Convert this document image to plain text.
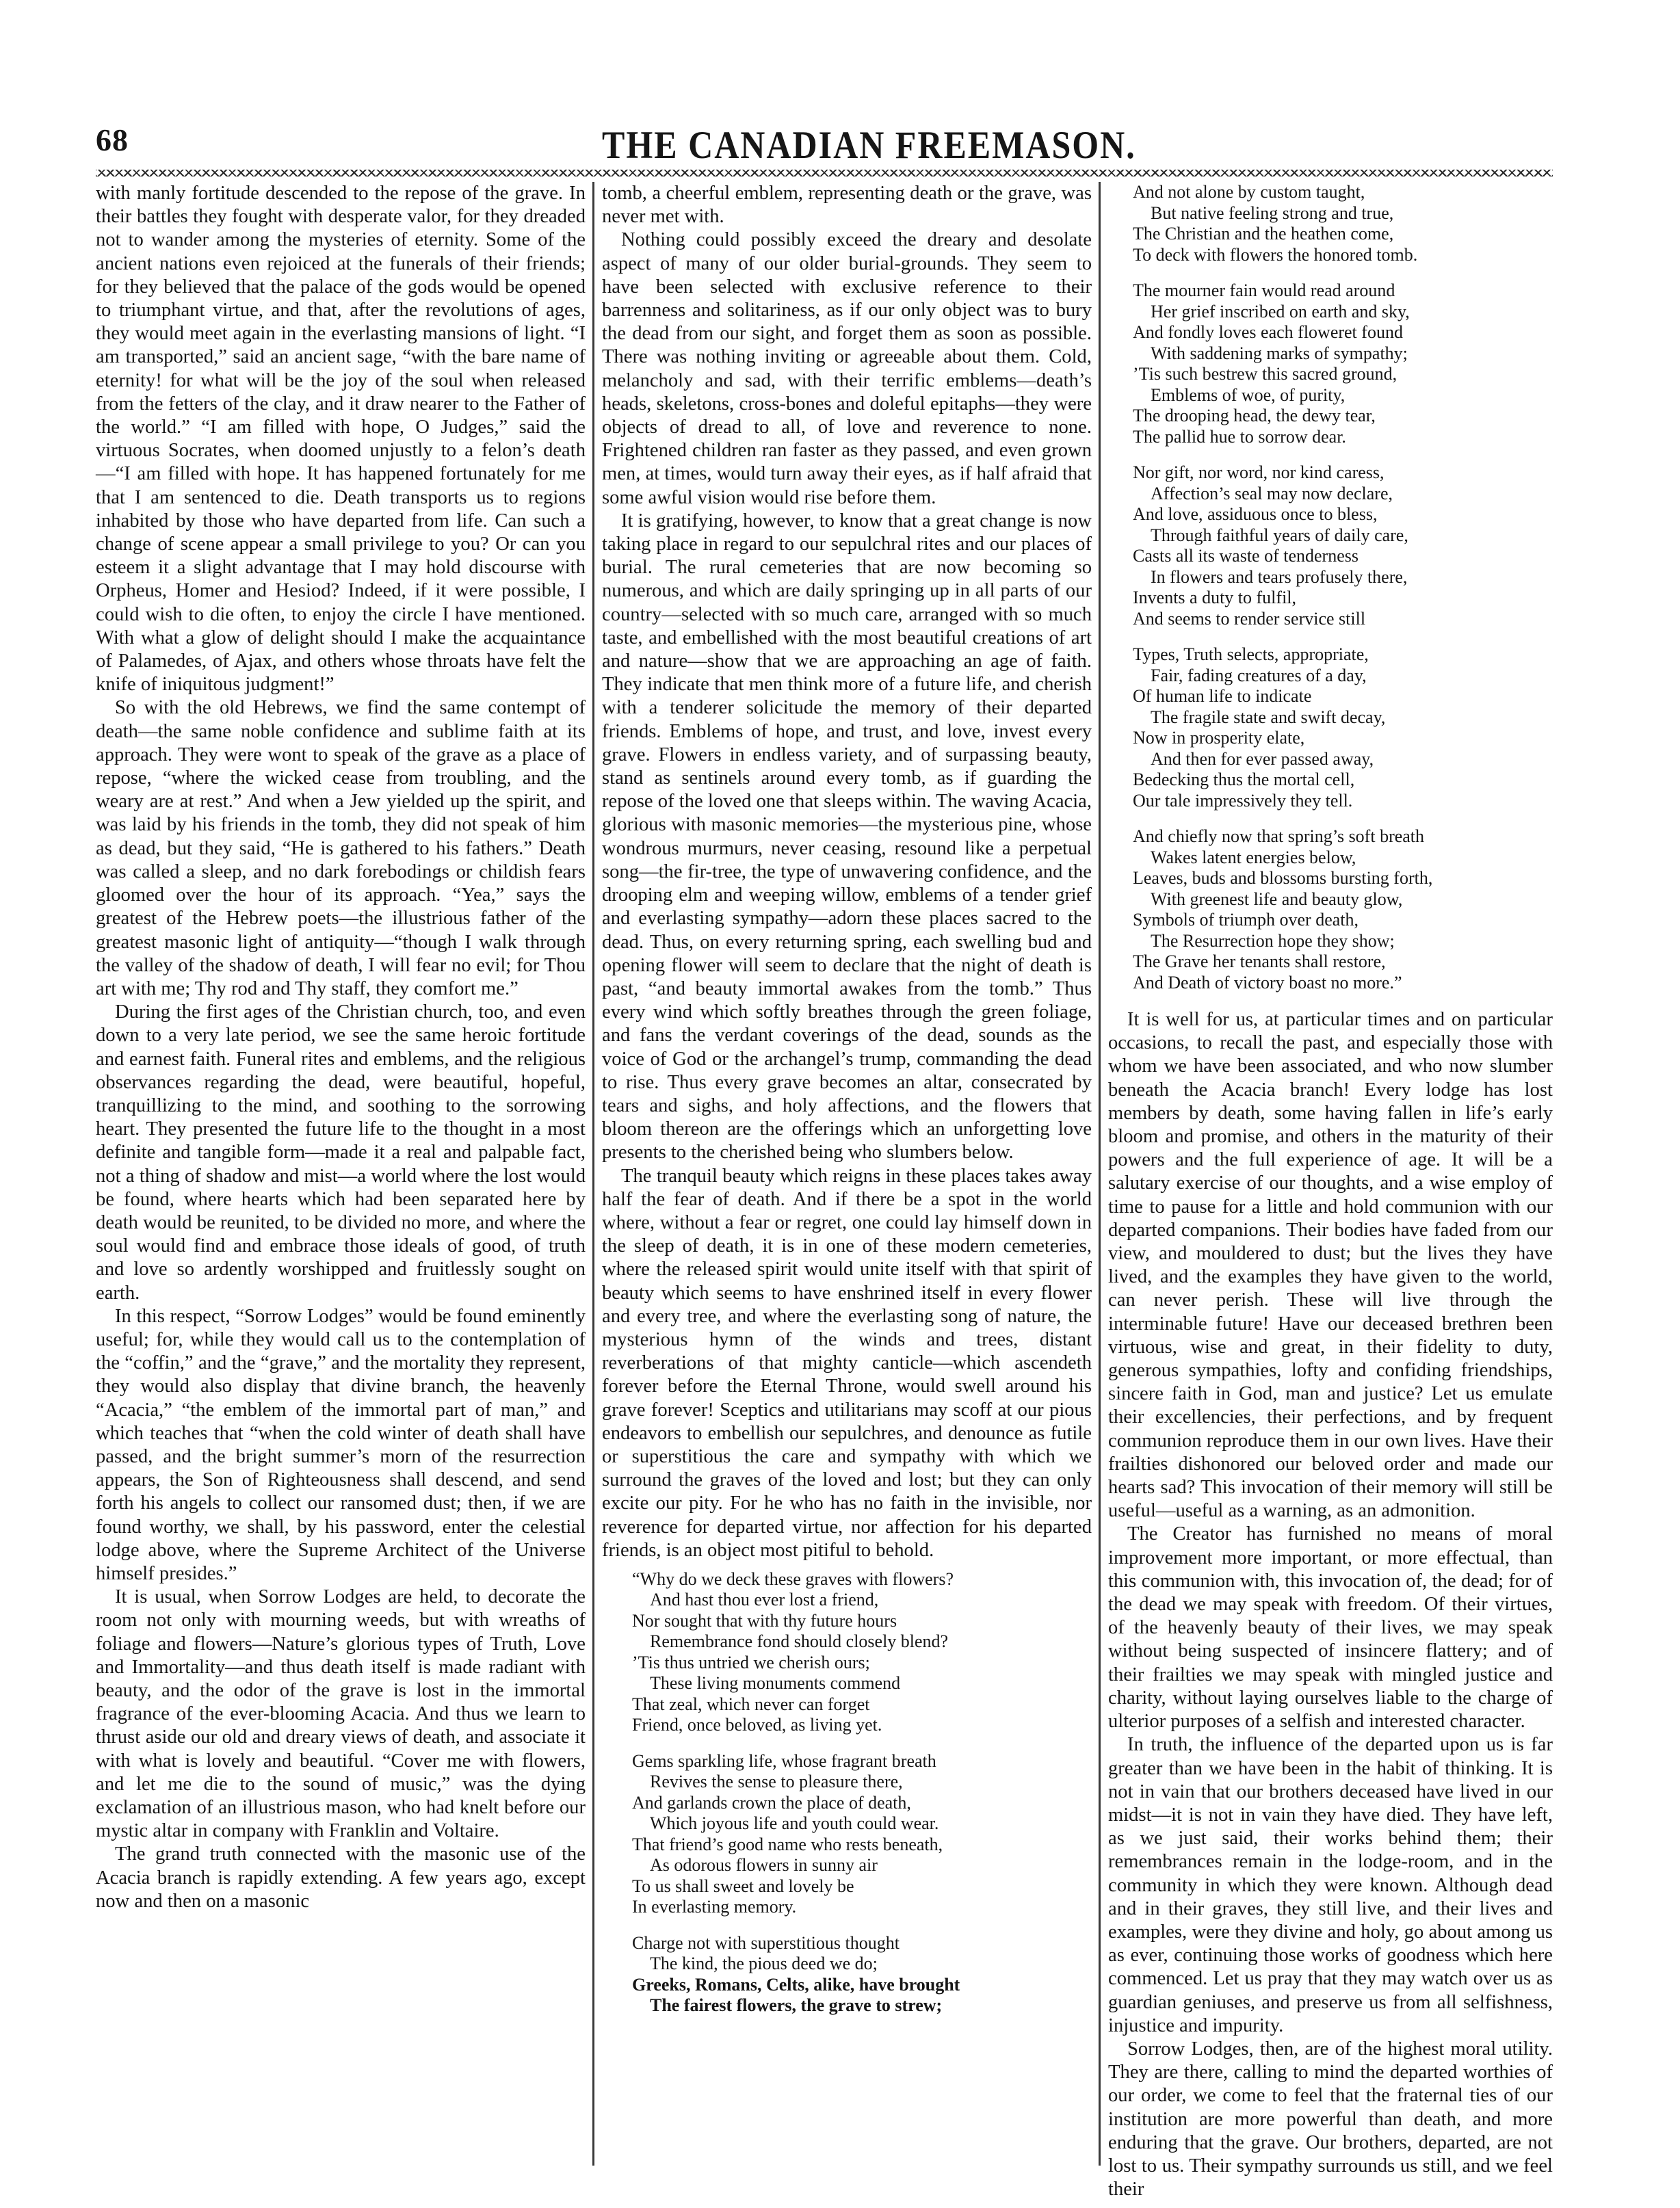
68	THE CANADIAN FREEMASON.

with manly fortitude descended to the repose of the grave. In their battles they fought with desperate valor, for they dreaded not to wander among the mysteries of eternity. Some of the ancient nations even rejoiced at the funerals of their friends; for they believed that the palace of the gods would be opened to triumphant virtue, and that, after the revolutions of ages, they would meet again in the everlasting mansions of light. “I am transported,” said an ancient sage, “with the bare name of eternity! for what will be the joy of the soul when released from the fetters of the clay, and it draw nearer to the Father of the world.” “I am filled with hope, O Judges,” said the virtuous Socrates, when doomed unjustly to a felon’s death—“I am filled with hope. It has happened fortunately for me that I am sentenced to die. Death transports us to regions inhabited by those who have departed from life. Can such a change of scene appear a small privilege to you? Or can you esteem it a slight advantage that I may hold discourse with Orpheus, Homer and Hesiod? Indeed, if it were possible, I could wish to die often, to enjoy the circle I have mentioned. With what a glow of delight should I make the acquaintance of Palamedes, of Ajax, and others whose throats have felt the knife of iniquitous judgment!”

So with the old Hebrews, we find the same contempt of death—the same noble confidence and sublime faith at its approach. They were wont to speak of the grave as a place of repose, “where the wicked cease from troubling, and the weary are at rest.” And when a Jew yielded up the spirit, and was laid by his friends in the tomb, they did not speak of him as dead, but they said, “He is gathered to his fathers.” Death was called a sleep, and no dark forebodings or childish fears gloomed over the hour of its approach. “Yea,” says the greatest of the Hebrew poets—the illustrious father of the greatest masonic light of antiquity—“though I walk through the valley of the shadow of death, I will fear no evil; for Thou art with me; Thy rod and Thy staff, they comfort me.”

During the first ages of the Christian church, too, and even down to a very late period, we see the same heroic fortitude and earnest faith. Funeral rites and emblems, and the religious observances regarding the dead, were beautiful, hopeful, tranquillizing to the mind, and soothing to the sorrowing heart. They presented the future life to the thought in a most definite and tangible form—made it a real and palpable fact, not a thing of shadow and mist—a world where the lost would be found, where hearts which had been separated here by death would be reunited, to be divided no more, and where the soul would find and embrace those ideals of good, of truth and love so ardently worshipped and fruitlessly sought on earth.

In this respect, “Sorrow Lodges” would be found eminently useful; for, while they would call us to the contemplation of the “coffin,” and the “grave,” and the mortality they represent, they would also display that divine branch, the heavenly “Acacia,” “the emblem of the immortal part of man,” and which teaches that “when the cold winter of death shall have passed, and the bright summer’s morn of the resurrection appears, the Son of Righteousness shall descend, and send forth his angels to collect our ransomed dust; then, if we are found worthy, we shall, by his password, enter the celestial lodge above, where the Supreme Architect of the Universe himself presides.”

It is usual, when Sorrow Lodges are held, to decorate the room not only with mourning weeds, but with wreaths of foliage and flowers—Nature’s glorious types of Truth, Love and Immortality—and thus death itself is made radiant with beauty, and the odor of the grave is lost in the immortal fragrance of the ever-blooming Acacia. And thus we learn to thrust aside our old and dreary views of death, and associate it with what is lovely and beautiful. “Cover me with flowers, and let me die to the sound of music,” was the dying exclamation of an illustrious mason, who had knelt before our mystic altar in company with Franklin and Voltaire.

The grand truth connected with the masonic use of the Acacia branch is rapidly extending. A few years ago, except now and then on a masonic

tomb, a cheerful emblem, representing death or the grave, was never met with.

Nothing could possibly exceed the dreary and desolate aspect of many of our older burial-grounds. They seem to have been selected with exclusive reference to their barrenness and solitariness, as if our only object was to bury the dead from our sight, and forget them as soon as possible. There was nothing inviting or agreeable about them. Cold, melancholy and sad, with their terrific emblems—death’s heads, skeletons, cross-bones and doleful epitaphs—they were objects of dread to all, of love and reverence to none. Frightened children ran faster as they passed, and even grown men, at times, would turn away their eyes, as if half afraid that some awful vision would rise before them.

It is gratifying, however, to know that a great change is now taking place in regard to our sepulchral rites and our places of burial. The rural cemeteries that are now becoming so numerous, and which are daily springing up in all parts of our country—selected with so much care, arranged with so much taste, and embellished with the most beautiful creations of art and nature—show that we are approaching an age of faith. They indicate that men think more of a future life, and cherish with a tenderer solicitude the memory of their departed friends. Emblems of hope, and trust, and love, invest every grave. Flowers in endless variety, and of surpassing beauty, stand as sentinels around every tomb, as if guarding the repose of the loved one that sleeps within. The waving Acacia, glorious with masonic memories—the mysterious pine, whose wondrous murmurs, never ceasing, resound like a perpetual song—the fir-tree, the type of unwavering confidence, and the drooping elm and weeping willow, emblems of a tender grief and everlasting sympathy—adorn these places sacred to the dead. Thus, on every returning spring, each swelling bud and opening flower will seem to declare that the night of death is past, “and beauty immortal awakes from the tomb.” Thus every wind which softly breathes through the green foliage, and fans the verdant coverings of the dead, sounds as the voice of God or the archangel’s trump, commanding the dead to rise. Thus every grave becomes an altar, consecrated by tears and sighs, and holy affections, and the flowers that bloom thereon are the offerings which an unforgetting love presents to the cherished being who slumbers below.

The tranquil beauty which reigns in these places takes away half the fear of death. And if there be a spot in the world where, without a fear or regret, one could lay himself down in the sleep of death, it is in one of these modern cemeteries, where the released spirit would unite itself with that spirit of beauty which seems to have enshrined itself in every flower and every tree, and where the everlasting song of nature, the mysterious hymn of the winds and trees, distant reverberations of that mighty canticle—which ascendeth forever before the Eternal Throne, would swell around his grave forever! Sceptics and utilitarians may scoff at our pious endeavors to embellish our sepulchres, and denounce as futile or superstitious the care and sympathy with which we surround the graves of the loved and lost; but they can only excite our pity. For he who has no faith in the invisible, nor reverence for departed virtue, nor affection for his departed friends, is an object most pitiful to behold.

“Why do we deck these graves with flowers?
And hast thou ever lost a friend,
Nor sought that with thy future hours
Remembrance fond should closely blend?
’Tis thus untried we cherish ours;
These living monuments commend
That zeal, which never can forget
Friend, once beloved, as living yet.
Gems sparkling life, whose fragrant breath
Revives the sense to pleasure there,
And garlands crown the place of death,
Which joyous life and youth could wear.
That friend’s good name who rests beneath,
As odorous flowers in sunny air
To us shall sweet and lovely be
In everlasting memory.
Charge not with superstitious thought
The kind, the pious deed we do;
Greeks, Romans, Celts, alike, have brought
The fairest flowers, the grave to strew;
And not alone by custom taught,
But native feeling strong and true,
The Christian and the heathen come,
To deck with flowers the honored tomb.
The mourner fain would read around
Her grief inscribed on earth and sky,
And fondly loves each floweret found
With saddening marks of sympathy;
’Tis such bestrew this sacred ground,
Emblems of woe, of purity,
The drooping head, the dewy tear,
The pallid hue to sorrow dear.
Nor gift, nor word, nor kind caress,
Affection’s seal may now declare,
And love, assiduous once to bless,
Through faithful years of daily care,
Casts all its waste of tenderness
In flowers and tears profusely there,
Invents a duty to fulfil,
And seems to render service still
Types, Truth selects, appropriate,
Fair, fading creatures of a day,
Of human life to indicate
The fragile state and swift decay,
Now in prosperity elate,
And then for ever passed away,
Bedecking thus the mortal cell,
Our tale impressively they tell.
And chiefly now that spring’s soft breath
Wakes latent energies below,
Leaves, buds and blossoms bursting forth,
With greenest life and beauty glow,
Symbols of triumph over death,
The Resurrection hope they show;
The Grave her tenants shall restore,
And Death of victory boast no more.”

It is well for us, at particular times and on particular occasions, to recall the past, and especially those with whom we have been associated, and who now slumber beneath the Acacia branch! Every lodge has lost members by death, some having fallen in life’s early bloom and promise, and others in the maturity of their powers and the full experience of age. It will be a salutary exercise of our thoughts, and a wise employ of time to pause for a little and hold communion with our departed companions. Their bodies have faded from our view, and mouldered to dust; but the lives they have lived, and the examples they have given to the world, can never perish. These will live through the interminable future! Have our deceased brethren been virtuous, wise and great, in their fidelity to duty, generous sympathies, lofty and confiding friendships, sincere faith in God, man and justice? Let us emulate their excellencies, their perfections, and by frequent communion reproduce them in our own lives. Have their frailties dishonored our beloved order and made our hearts sad? This invocation of their memory will still be useful—useful as a warning, as an admonition.

The Creator has furnished no means of moral improvement more important, or more effectual, than this communion with, this invocation of, the dead; for of the dead we may speak with freedom. Of their virtues, of the heavenly beauty of their lives, we may speak without being suspected of insincere flattery; and of their frailties we may speak with mingled justice and charity, without laying ourselves liable to the charge of ulterior purposes of a selfish and interested character.

In truth, the influence of the departed upon us is far greater than we have been in the habit of thinking. It is not in vain that our brothers deceased have lived in our midst—it is not in vain they have died. They have left, as we just said, their works behind them; their remembrances remain in the lodge-room, and in the community in which they were known. Although dead and in their graves, they still live, and their lives and examples, were they divine and holy, go about among us as ever, continuing those works of goodness which here commenced. Let us pray that they may watch over us as guardian geniuses, and preserve us from all selfishness, injustice and impurity.

Sorrow Lodges, then, are of the highest moral utility. They are there, calling to mind the departed worthies of our order, we come to feel that the fraternal ties of our institution are more powerful than death, and more enduring that the grave. Our brothers, departed, are not lost to us. Their sympathy surrounds us still, and we feel their
